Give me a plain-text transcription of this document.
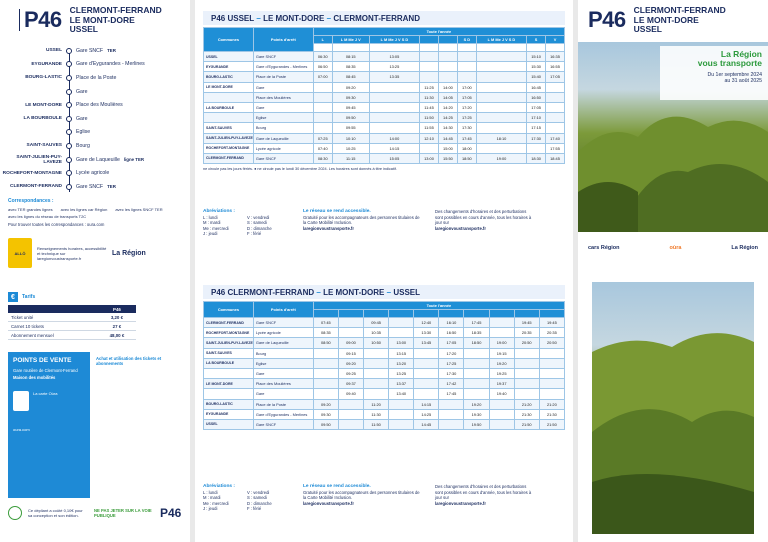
P46 CLERMONT-FERRAND
LE MONT-DORE
USSEL
USSEL	Gare SNCF TER
EYGURANDE	Gare d'Eygurandes - Merlines
BOURG-LASTIC	Place de la Poste
Gare
LE MONT-DORE	Place des Moulières
LA BOURBOULE	Gare
Eglise
SAINT-SAUVES	Bourg
SAINT-JULIEN-PUY-LAVEZE	Gare de Laqueuille ligne TER
ROCHEFORT-MONTAGNE	Lycée agricole
CLERMONT-FERRAND	Gare SNCF TER
Correspondances :
avec TER grandes lignes avec les lignes car Région avec les lignes SNCF TER
avec les lignes du réseau de transports T2C
Pour trouver toutes les correspondances : oura.com
ALLÔ
Renseignements horaires, accessibilité et technique sur laregionvoustransporte.fr
La Région
€	Tarifs
	P46
Ticket unité	3,20 €
Carnet 10 tickets	27 €
Abonnement mensuel	48,00 €
POINTS DE VENTE
Gare routière de Clermont-Ferrand
Maison des mobilités
La carte Oùra
oura.com
Achat et utilisation des tickets et abonnements
Ce dépliant a coûté 0,10€ pour sa conception et son édition.
NE PAS JETER SUR LA VOIE PUBLIQUE	P46
P46
USSEL
–
LE MONT-DORE
–
CLERMONT-FERRAND
Communes	Points d'arrêt	Toute l'année								
		L	L M Me J V	L M Me J V S D			S D	L M Me J V S D	S	V

USSEL	Gare SNCF	06:30	08:15	13:05					15:10	16:35
EYGURANDE	Gare d'Eygurandes - Merlines	06:50	08:35	13:25					15:30	16:55
BOURG-LASTIC	Place de la Poste	07:00	08:45	13:35					15:40	17:05
LE MONT-DORE	Gare		09:20		11:25	14:00	17:00		16:45	
	Place des Moulières		09:30		11:30	14:05	17:05		16:50	
LA BOURBOULE	Gare		09:45		11:45	14:20	17:20		17:05	
	Eglise		09:50		11:50	14:25	17:25		17:10	
SAINT-SAUVES	Bourg		09:55		11:55	14:30	17:30		17:15	
SAINT-JULIEN-PUY-LAVEZE	Gare de Laqueuille	07:25	10:10	14:00	12:10	14:45	17:45	18:10	17:30	17:40
ROCHEFORT-MONTAGNE	Lycée agricole	07:40	10:25	14:15		15:00	18:00			17:55
CLERMONT-FERRAND	Gare SNCF	08:30	11:15	15:05	13:00	15:50	18:50	19:00	18:30	18:45
ne circule pas les jours fériés. ● ne circule pas le lundi 30 décembre 2024. Les horaires sont donnés à titre indicatif.
Abréviations :
L : lundi	V : vendredi
M : mardi	S : samedi
Me : mercredi	D : dimanche
J : jeudi	F : férié
Le réseau se rend accessible.
Gratuité pour les accompagnateurs des personnes titulaires de la Carte Mobilité Inclusion.
laregionvoustransporte.fr
Des changements d'horaires et des perturbations sont possibles en cours d'année, tous les horaires à jour sur
laregionvoustransporte.fr
P46
CLERMONT-FERRAND
–
LE MONT-DORE
–
USSEL
Communes	Points d'arrêt	Toute l'année									

CLERMONT-FERRAND	Gare SNCF	07:45		09:45		12:40	16:10	17:45		19:45	19:45
ROCHEFORT-MONTAGNE	Lycée agricole	08:35		10:35		13:30	16:50	18:35		20:35	20:35
SAINT-JULIEN-PUY-LAVEZE	Gare de Laqueuille	08:50	09:00	10:50	13:00	13:45	17:05	18:50	19:00	20:50	20:50
SAINT-SAUVES	Bourg		09:15		13:15		17:20		19:15		
LA BOURBOULE	Eglise		09:20		13:20		17:25		19:20		
	Gare		09:25		13:25		17:30		19:25		
LE MONT-DORE	Place des Moulières		09:37		13:37		17:42		19:37		
	Gare		09:40		13:40		17:45		19:40		
BOURG-LASTIC	Place de la Poste	09:20		11:20		14:15		19:20		21:20	21:20
EYGURANDE	Gare d'Eygurandes - Merlines	09:30		11:30		14:25		19:30		21:30	21:30
USSEL	Gare SNCF	09:50		11:50		14:45		19:50		21:50	21:50
Abréviations :
L : lundi	V : vendredi
M : mardi	S : samedi
Me : mercredi	D : dimanche
J : jeudi	F : férié
Le réseau se rend accessible.
Gratuité pour les accompagnateurs des personnes titulaires de la Carte Mobilité Inclusion.
laregionvoustransporte.fr
Des changements d'horaires et des perturbations sont possibles en cours d'année, tous les horaires à jour sur
laregionvoustransporte.fr
P46 CLERMONT-FERRAND
LE MONT-DORE
USSEL
La Région
vous transporte
Du 1er septembre 2024
au 31 août 2025
cars Région	oùra	La Région
